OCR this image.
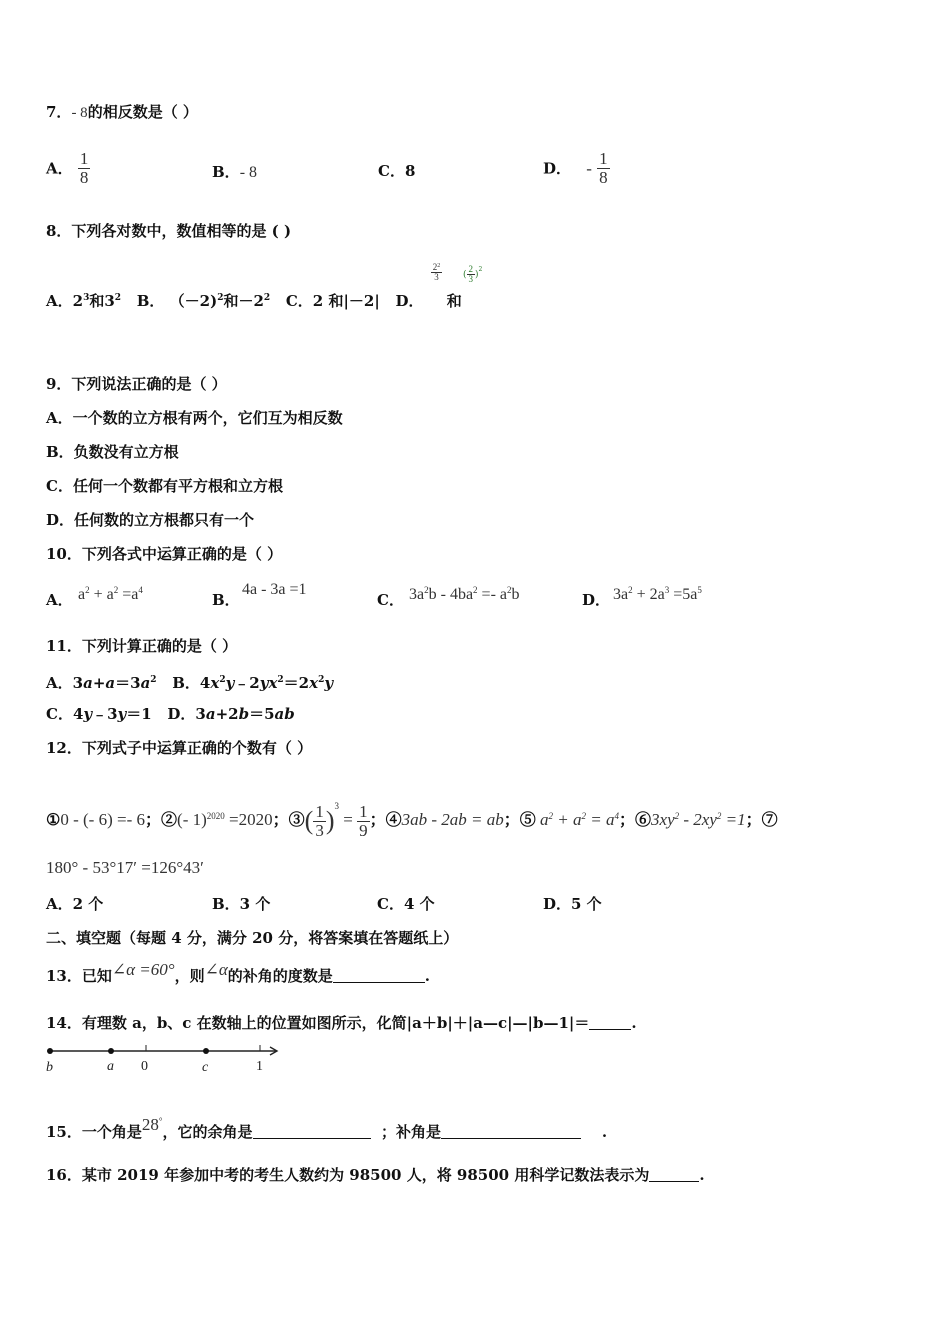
7．- 8的相反数是（ ）
A． $\frac{1}{8}$	B．- 8	C．8	D． - $\frac{1}{8}$
8．下列各对数中，数值相等的是 ( )
A．$2^3$和$3^2$ B． （－2)$^2$和$-2^2$ C．2 和|－2| D．
$\frac{2^2}{3}$
和
( $\frac{2}{3} )^2$
9．下列说法正确的是（ ）
A．一个数的立方根有两个，它们互为相反数
B．负数没有立方根
C．任何一个数都有平方根和立方根
D．任何数的立方根都只有一个
10．下列各式中运算正确的是（ ）
A． $a^2 + a^2 =a^4$
B．
4a - 3a =1
C． $3a^2b - 4ba^2 =- a^2b$	D． $3a^2 + 2a^3 =5a^5$
11．下列计算正确的是（ ）
A．$3a+a=3a^2$ B．$4x^2y﹣2yx^2=2x^2y$
C．4y﹣3y＝1   D．3a+2b＝5ab
12．下列式子中运算正确的个数有（ ）
①0 - (- 6) =- 6；②(- 1)$^{2020}$ =2020；③( $\frac{1}{3} )^3 = \frac{1}{9}$ ；④3ab - 2ab = ab；⑤ $a^2 + a^2 = a^4$；$⑥3xy^2 - 2xy^2 =1$；⑦
180° - 53°17′ =126°43′
A．2 个	B．3 个	C．4 个	D．5 个
二、填空题（每题 4 分，满分 20 分，将答案填在答题纸上）
13．已知∠α =60°，则∠α的补角的度数是	.
14．有理数 a，b、c 在数轴上的位置如图所示，化简|a＋b|＋|a—c|—|b—1|＝	.
b	a 0	c	1
15．一个角是28°，它的余角是	；补角是	.
16．某市 2019 年参加中考的考生人数约为 98500 人，将 98500 用科学记数法表示为	.
